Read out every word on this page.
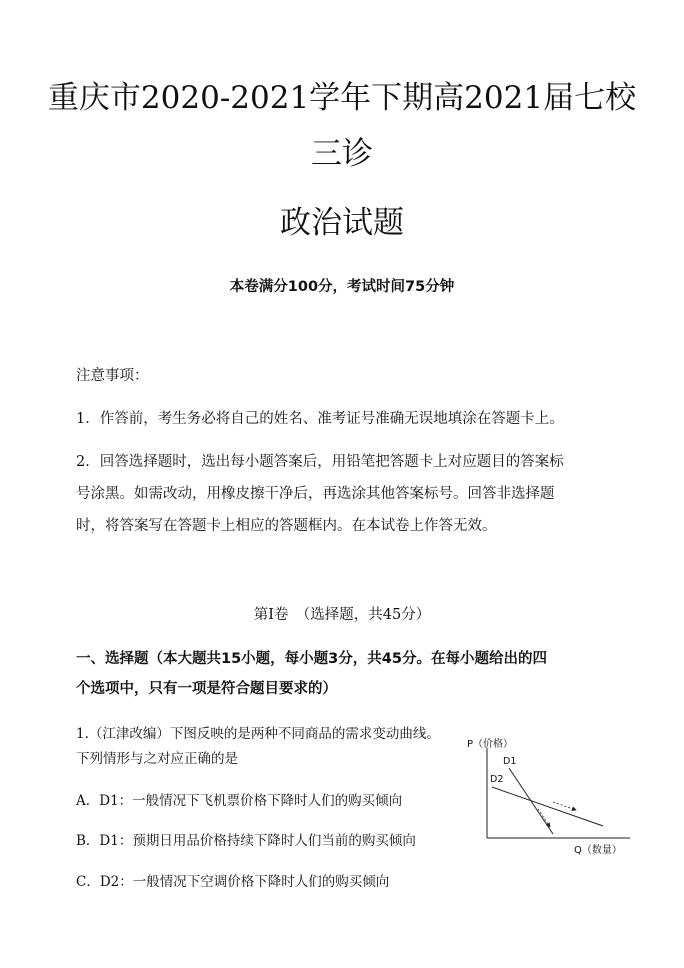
重庆市2020-2021学年下期高2021届七校
三诊
政治试题
本卷满分100分，考试时间75分钟
注意事项：
1．作答前，考生务必将自己的姓名、准考证号准确无误地填涂在答题卡上。
2．回答选择题时，选出每小题答案后，用铅笔把答题卡上对应题目的答案标
号涂黑。如需改动，用橡皮擦干净后，再选涂其他答案标号。回答非选择题
时，将答案写在答题卡上相应的答题框内。在本试卷上作答无效。
第Ⅰ卷　（选择题，共45分）
一、选择题（本大题共15小题，每小题3分，共45分。在每小题给出的四
个选项中，只有一项是符合题目要求的）
1.（江津改编）下图反映的是两种不同商品的需求变动曲线。
下列情形与之对应正确的是
A．D1：一般情况下飞机票价格下降时人们的购买倾向
B．D1：预期日用品价格持续下降时人们当前的购买倾向
C．D2：一般情况下空调价格下降时人们的购买倾向
P（价格）
D1
D2
Q（数量）
